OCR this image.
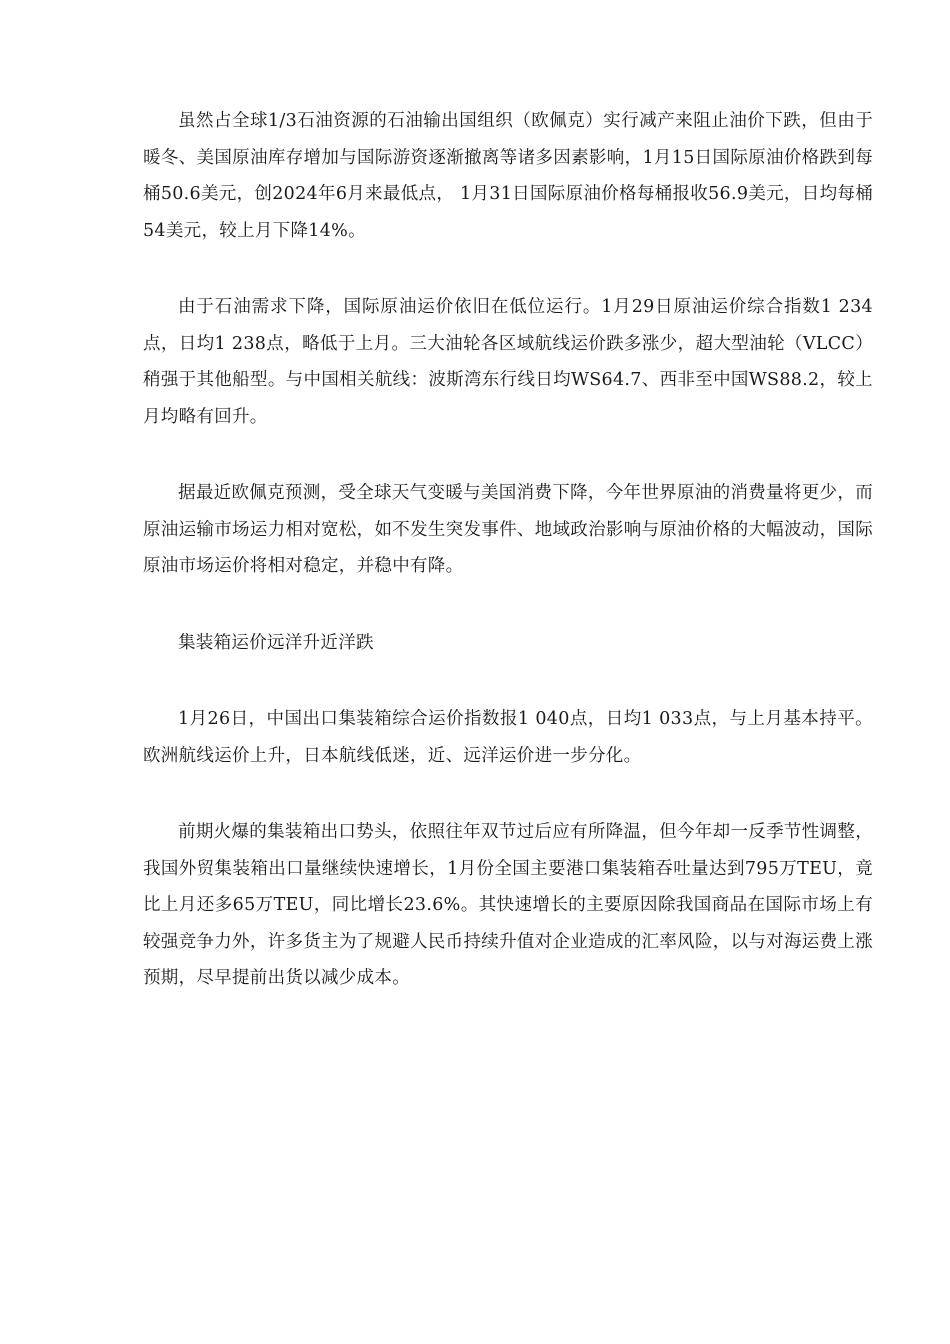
虽然占全球1/3石油资源的石油输出国组织（欧佩克）实行减产来阻止油价下跌，但由于暖冬、美国原油库存增加与国际游资逐渐撤离等诸多因素影响，1月15日国际原油价格跌到每桶50.6美元，创2024年6月来最低点， 1月31日国际原油价格每桶报收56.9美元，日均每桶54美元，较上月下降14%。

由于石油需求下降，国际原油运价依旧在低位运行。1月29日原油运价综合指数1 234点，日均1 238点，略低于上月。三大油轮各区域航线运价跌多涨少，超大型油轮（VLCC）稍强于其他船型。与中国相关航线：波斯湾东行线日均WS64.7、西非至中国WS88.2，较上月均略有回升。

据最近欧佩克预测，受全球天气变暖与美国消费下降，今年世界原油的消费量将更少，而原油运输市场运力相对宽松，如不发生突发事件、地域政治影响与原油价格的大幅波动，国际原油市场运价将相对稳定，并稳中有降。

集装箱运价远洋升近洋跌

1月26日，中国出口集装箱综合运价指数报1 040点，日均1 033点，与上月基本持平。欧洲航线运价上升，日本航线低迷，近、远洋运价进一步分化。

前期火爆的集装箱出口势头，依照往年双节过后应有所降温，但今年却一反季节性调整，我国外贸集装箱出口量继续快速增长，1月份全国主要港口集装箱吞吐量达到795万TEU，竟比上月还多65万TEU，同比增长23.6%。其快速增长的主要原因除我国商品在国际市场上有较强竞争力外，许多货主为了规避人民币持续升值对企业造成的汇率风险，以与对海运费上涨预期，尽早提前出货以减少成本。
